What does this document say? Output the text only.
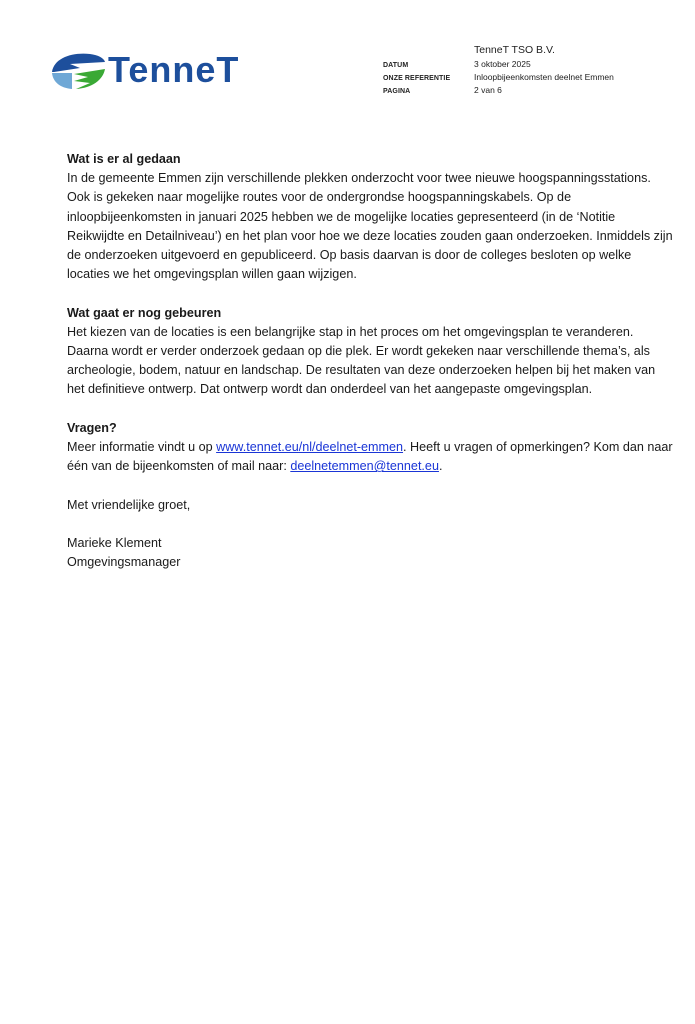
TenneT	TenneT TSO B.V.
DATUM	3 oktober 2025
ONZE REFERENTIE	Inloopbijeenkomsten deelnet Emmen
PAGINA	2 van 6
Wat is er al gedaan

In de gemeente Emmen zijn verschillende plekken onderzocht voor twee nieuwe hoogspanningsstations.
Ook is gekeken naar mogelijke routes voor de ondergrondse hoogspanningskabels. Op de
inloopbijeenkomsten in januari 2025 hebben we de mogelijke locaties gepresenteerd (in de ‘Notitie
Reikwijdte en Detailniveau’) en het plan voor hoe we deze locaties zouden gaan onderzoeken. Inmiddels zijn
de onderzoeken uitgevoerd en gepubliceerd. Op basis daarvan is door de colleges besloten op welke
locaties we het omgevingsplan willen gaan wijzigen.

Wat gaat er nog gebeuren

Het kiezen van de locaties is een belangrijke stap in het proces om het omgevingsplan te veranderen.
Daarna wordt er verder onderzoek gedaan op die plek. Er wordt gekeken naar verschillende thema’s, als
archeologie, bodem, natuur en landschap. De resultaten van deze onderzoeken helpen bij het maken van
het definitieve ontwerp. Dat ontwerp wordt dan onderdeel van het aangepaste omgevingsplan.

Vragen?

Meer informatie vindt u op www.tennet.eu/nl/deelnet-emmen. Heeft u vragen of opmerkingen? Kom dan naar
één van de bijeenkomsten of mail naar: deelnetemmen@tennet.eu.

Met vriendelijke groet,

Marieke Klement
Omgevingsmanager
